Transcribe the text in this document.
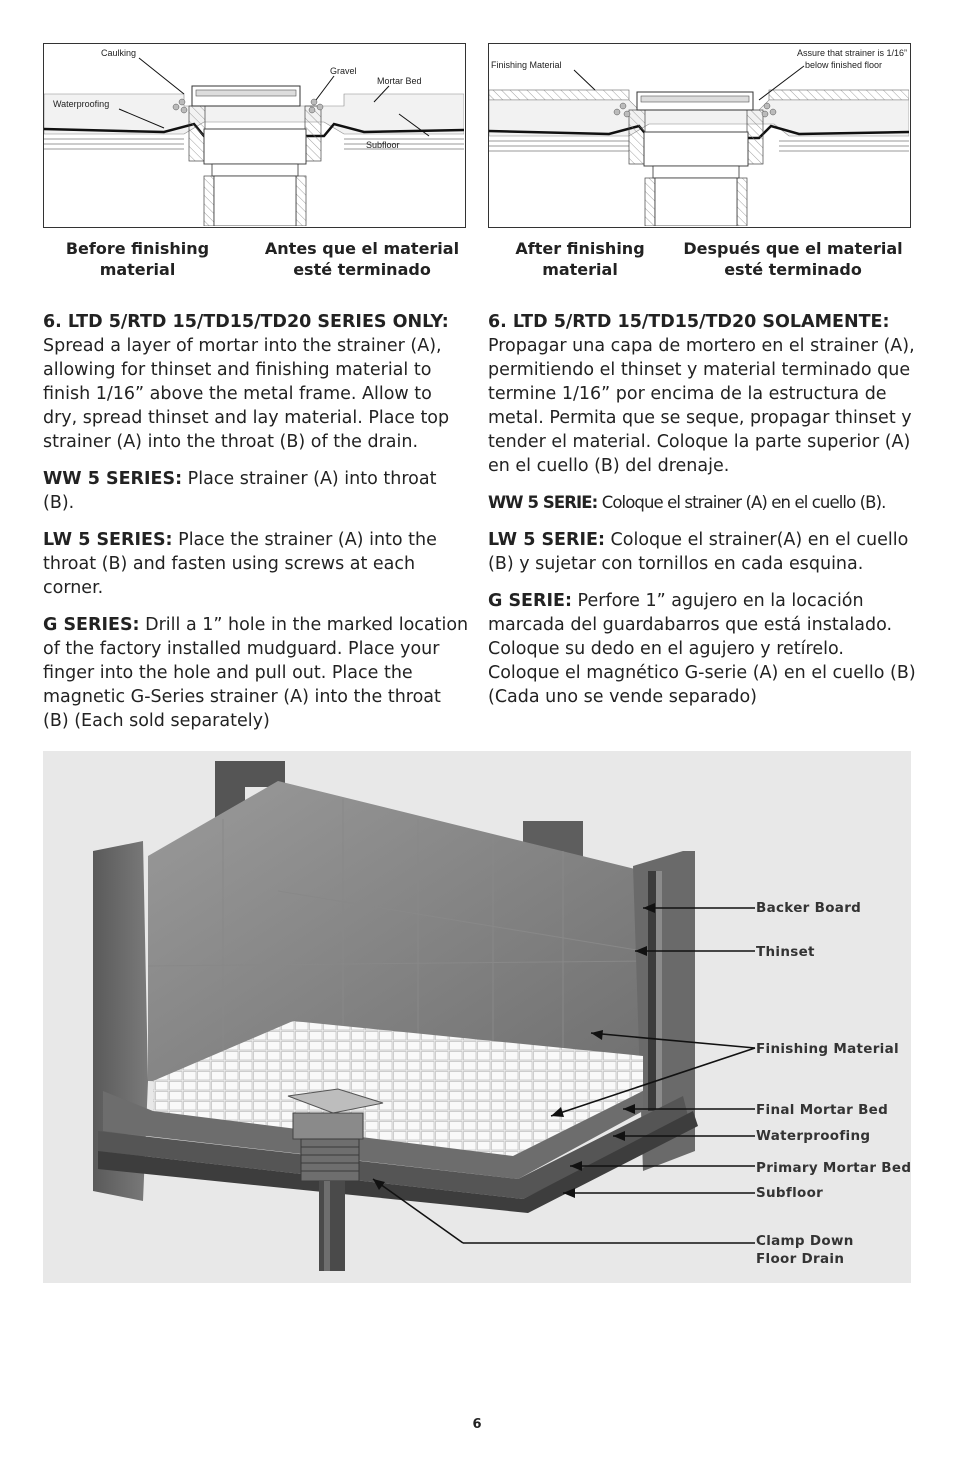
Caulking
Gravel
Mortar Bed
Waterproofing
Subfloor
Finishing Material
Assure that strainer is 1/16”
below finished floor
Before finishing material
Antes que el material esté terminado
After finishing material
Después que el material esté terminado

6. LTD 5/RTD 15/TD15/TD20 SERIES ONLY:
Spread a layer of mortar into the strainer (A), allowing for thinset and finishing material to finish 1/16” above the metal frame. Allow to dry, spread thinset and lay material. Place top strainer (A) into the throat (B) of the drain.

WW 5 SERIES: Place strainer (A) into throat (B).

LW 5 SERIES: Place the strainer (A) into the throat (B) and fasten using screws at each corner.

G SERIES: Drill a 1” hole in the marked location of the factory installed mudguard. Place your finger into the hole and pull out. Place the magnetic G-Series strainer (A) into the throat (B) (Each sold separately)

6. LTD 5/RTD 15/TD15/TD20 SOLAMENTE:
Propagar una capa de mortero en el strainer (A), permitiendo el thinset y material terminado que termine 1/16” por encima de la estructura de metal. Permita que se seque, propagar thinset y tender el material. Coloque la parte superior (A) en el cuello (B) del drenaje.

WW 5 SERIE: Coloque el strainer (A) en el cuello (B).

LW 5 SERIE: Coloque el strainer(A) en el cuello (B) y sujetar con tornillos en cada esquina.

G SERIE: Perfore 1” agujero en la locación marcada del guardabarros que está instalado. Coloque su dedo en el agujero y retírelo. Coloque el magnético G-serie (A) en el cuello (B) (Cada uno se vende separado)

Backer Board
Thinset
Finishing Material
Final Mortar Bed
Waterproofing
Primary Mortar Bed
Subfloor
Clamp Down
Floor Drain
6
